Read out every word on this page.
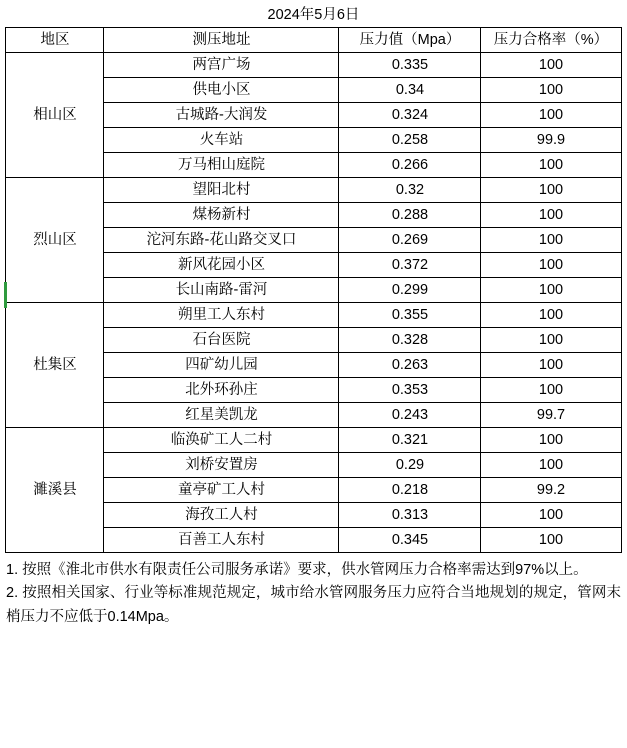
2024年5月6日			
地区	测压地址	压力值（Mpa）	压力合格率（%）
相山区	两宫广场	0.335	100
	供电小区	0.34	100
	古城路-大润发	0.324	100
	火车站	0.258	99.9
	万马相山庭院	0.266	100
烈山区	望阳北村	0.32	100
	煤杨新村	0.288	100
	沱河东路-花山路交叉口	0.269	100
	新风花园小区	0.372	100
	长山南路-雷河	0.299	100
杜集区	朔里工人东村	0.355	100
	石台医院	0.328	100
	四矿幼儿园	0.263	100
	北外环孙庄	0.353	100
	红星美凯龙	0.243	99.7
濉溪县	临涣矿工人二村	0.321	100
	刘桥安置房	0.29	100
	童亭矿工人村	0.218	99.2
	海孜工人村	0.313	100
	百善工人东村	0.345	100

1. 按照《淮北市供水有限责任公司服务承诺》要求，供水管网压力合格率需达到97%以上。

2. 按照相关国家、行业等标准规范规定，城市给水管网服务压力应符合当地规划的规定，管网末梢压力不应低于0.14Mpa。
